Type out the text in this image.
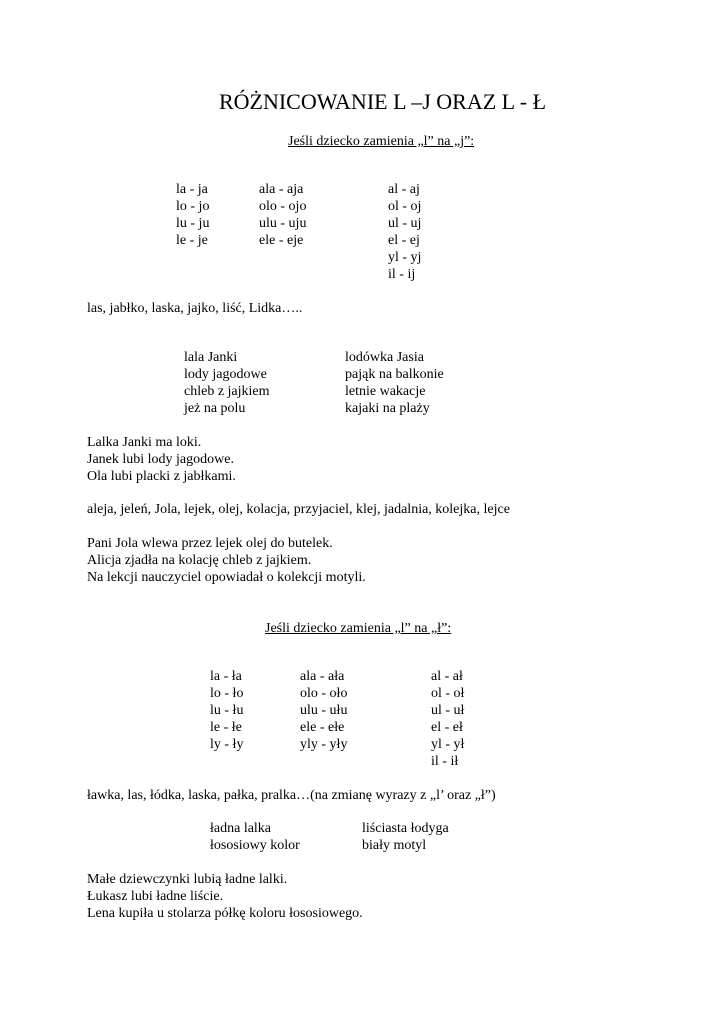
RÓŻNICOWANIE L –J ORAZ L - Ł
Jeśli dziecko zamienia „l” na „j”:
la - ja
lo - jo
lu - ju
le - je
ala - aja
olo - ojo
ulu - uju
ele - eje
al - aj
ol - oj
ul - uj
el - ej
yl - yj
il - ij
las, jabłko, laska, jajko, liść, Lidka…..
lala Janki
lody jagodowe
chleb z jajkiem
jeż na polu
lodówka Jasia
pająk na balkonie
letnie wakacje
kajaki na plaży
Lalka Janki ma loki.
Janek lubi lody jagodowe.
Ola lubi placki z jabłkami.
aleja, jeleń, Jola, lejek, olej, kolacja, przyjaciel, klej, jadalnia, kolejka, lejce
Pani Jola wlewa przez lejek olej do butelek.
Alicja zjadła na kolację chleb z jajkiem.
Na lekcji nauczyciel opowiadał o kolekcji motyli.
Jeśli dziecko zamienia „l” na „ł”:
la - ła
lo - ło
lu - łu
le - łe
ly - ły
ala - ała
olo - oło
ulu - ułu
ele - ełe
yly - yły
al - ał
ol - oł
ul - uł
el - eł
yl - ył
il - ił
ławka, las, łódka, laska, pałka, pralka…(na zmianę wyrazy z „l’ oraz „ł”)
ładna lalka
łososiowy kolor
liściasta łodyga
biały motyl
Małe dziewczynki lubią ładne lalki.
Łukasz lubi ładne liście.
Lena kupiła u stolarza półkę koloru łososiowego.
